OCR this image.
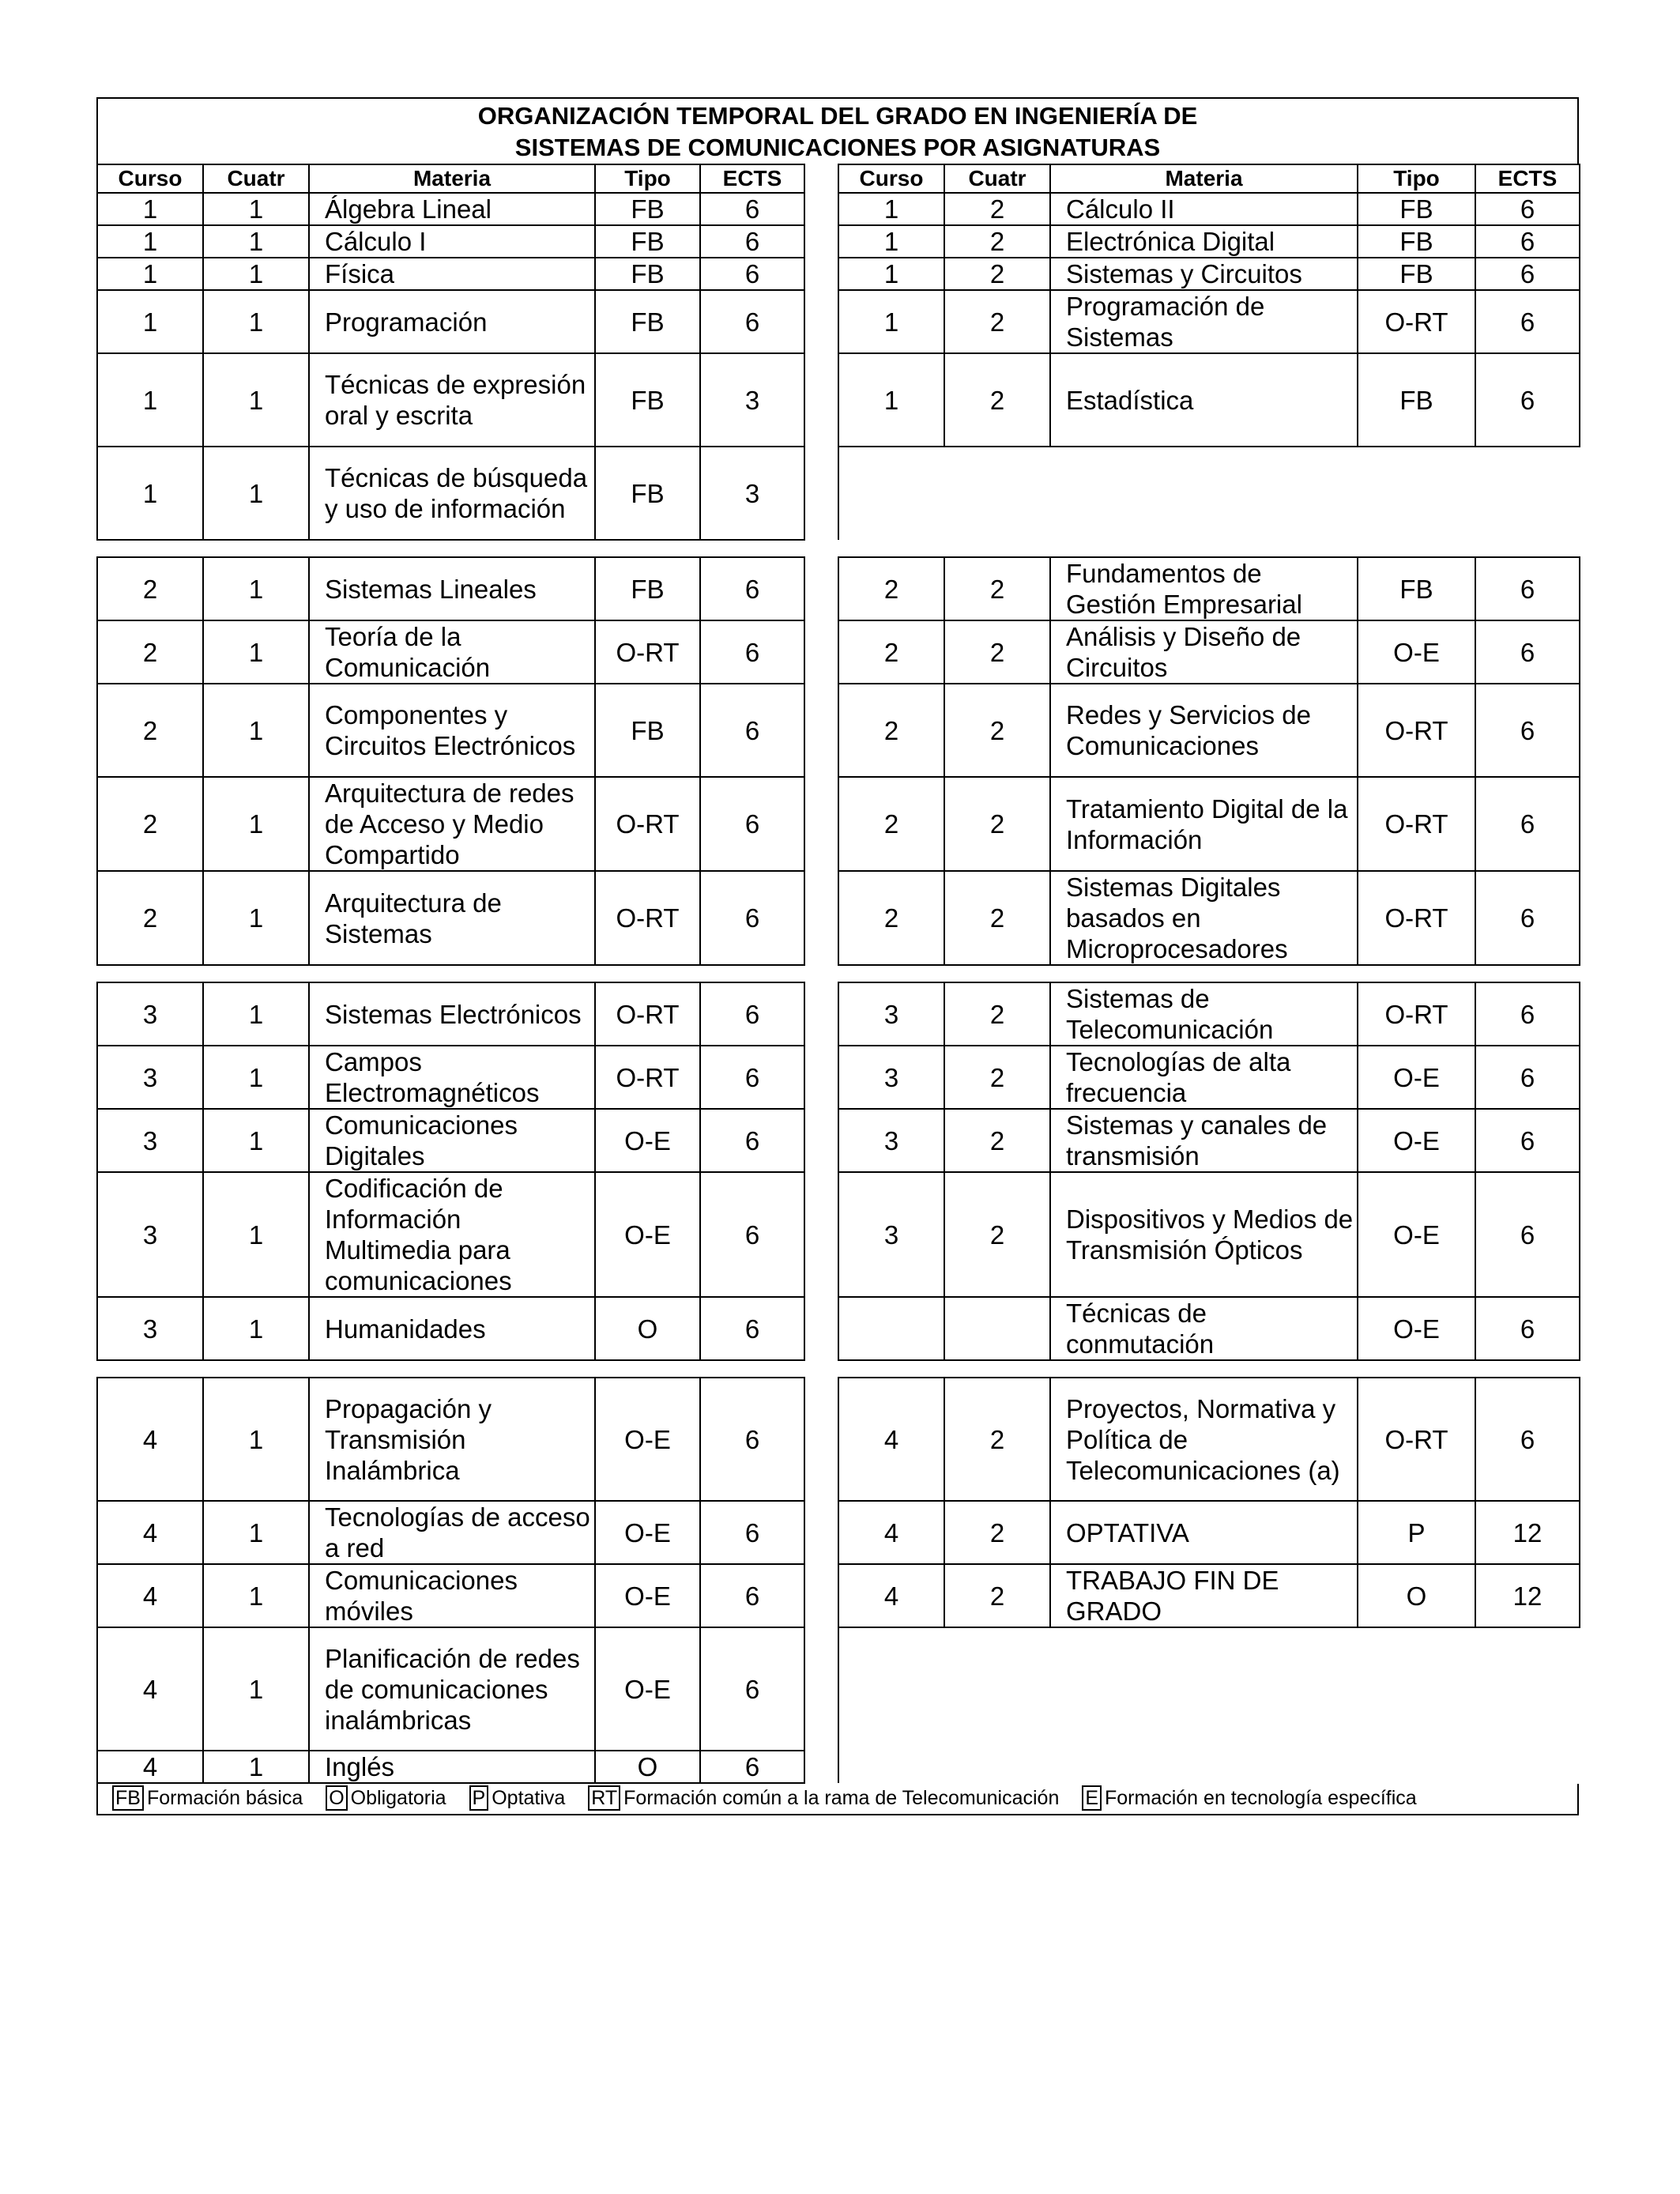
ORGANIZACIÓN TEMPORAL DEL GRADO EN INGENIERÍA DE
SISTEMAS DE COMUNICACIONES POR ASIGNATURAS
Curso	Cuatr	Materia	Tipo	ECTS		Curso	Cuatr	Materia	Tipo	ECTS
1	1	Álgebra Lineal	FB	6		1	2	Cálculo II	FB	6
1	1	Cálculo I	FB	6		1	2	Electrónica Digital	FB	6
1	1	Física	FB	6		1	2	Sistemas y Circuitos	FB	6
1	1	Programación	FB	6		1	2	Programación de Sistemas	O-RT	6
1	1	Técnicas de expresión oral y escrita	FB	3		1	2	Estadística	FB	6
1	1	Técnicas de búsqueda y uso de información	FB	3						

2	1	Sistemas Lineales	FB	6		2	2	Fundamentos de Gestión Empresarial	FB	6
2	1	Teoría de la Comunicación	O-RT	6		2	2	Análisis y Diseño de Circuitos	O-E	6
2	1	Componentes y Circuitos Electrónicos	FB	6		2	2	Redes y Servicios de Comunicaciones	O-RT	6
2	1	Arquitectura de redes de Acceso y Medio Compartido	O-RT	6		2	2	Tratamiento Digital de la Información	O-RT	6
2	1	Arquitectura de Sistemas	O-RT	6		2	2	Sistemas Digitales basados en Microprocesadores	O-RT	6

3	1	Sistemas Electrónicos	O-RT	6		3	2	Sistemas de Telecomunicación	O-RT	6
3	1	Campos Electromagnéticos	O-RT	6		3	2	Tecnologías de alta frecuencia	O-E	6
3	1	Comunicaciones Digitales	O-E	6		3	2	Sistemas y canales de transmisión	O-E	6
3	1	Codificación de Información Multimedia para comunicaciones	O-E	6		3	2	Dispositivos y Medios de Transmisión Ópticos	O-E	6
3	1	Humanidades	O	6				Técnicas de conmutación	O-E	6

4	1	Propagación y Transmisión Inalámbrica	O-E	6		4	2	Proyectos, Normativa y Política de Telecomunicaciones (a)	O-RT	6
4	1	Tecnologías de acceso a red	O-E	6		4	2	OPTATIVA	P	12
4	1	Comunicaciones móviles	O-E	6		4	2	TRABAJO FIN DE GRADO	O	12
4	1	Planificación de redes de comunicaciones inalámbricas	O-E	6						
4	1	Inglés	O	6						
FB Formación básica O Obligatoria P Optativa RT Formación común a la rama de Telecomunicación E Formación en tecnología específica
